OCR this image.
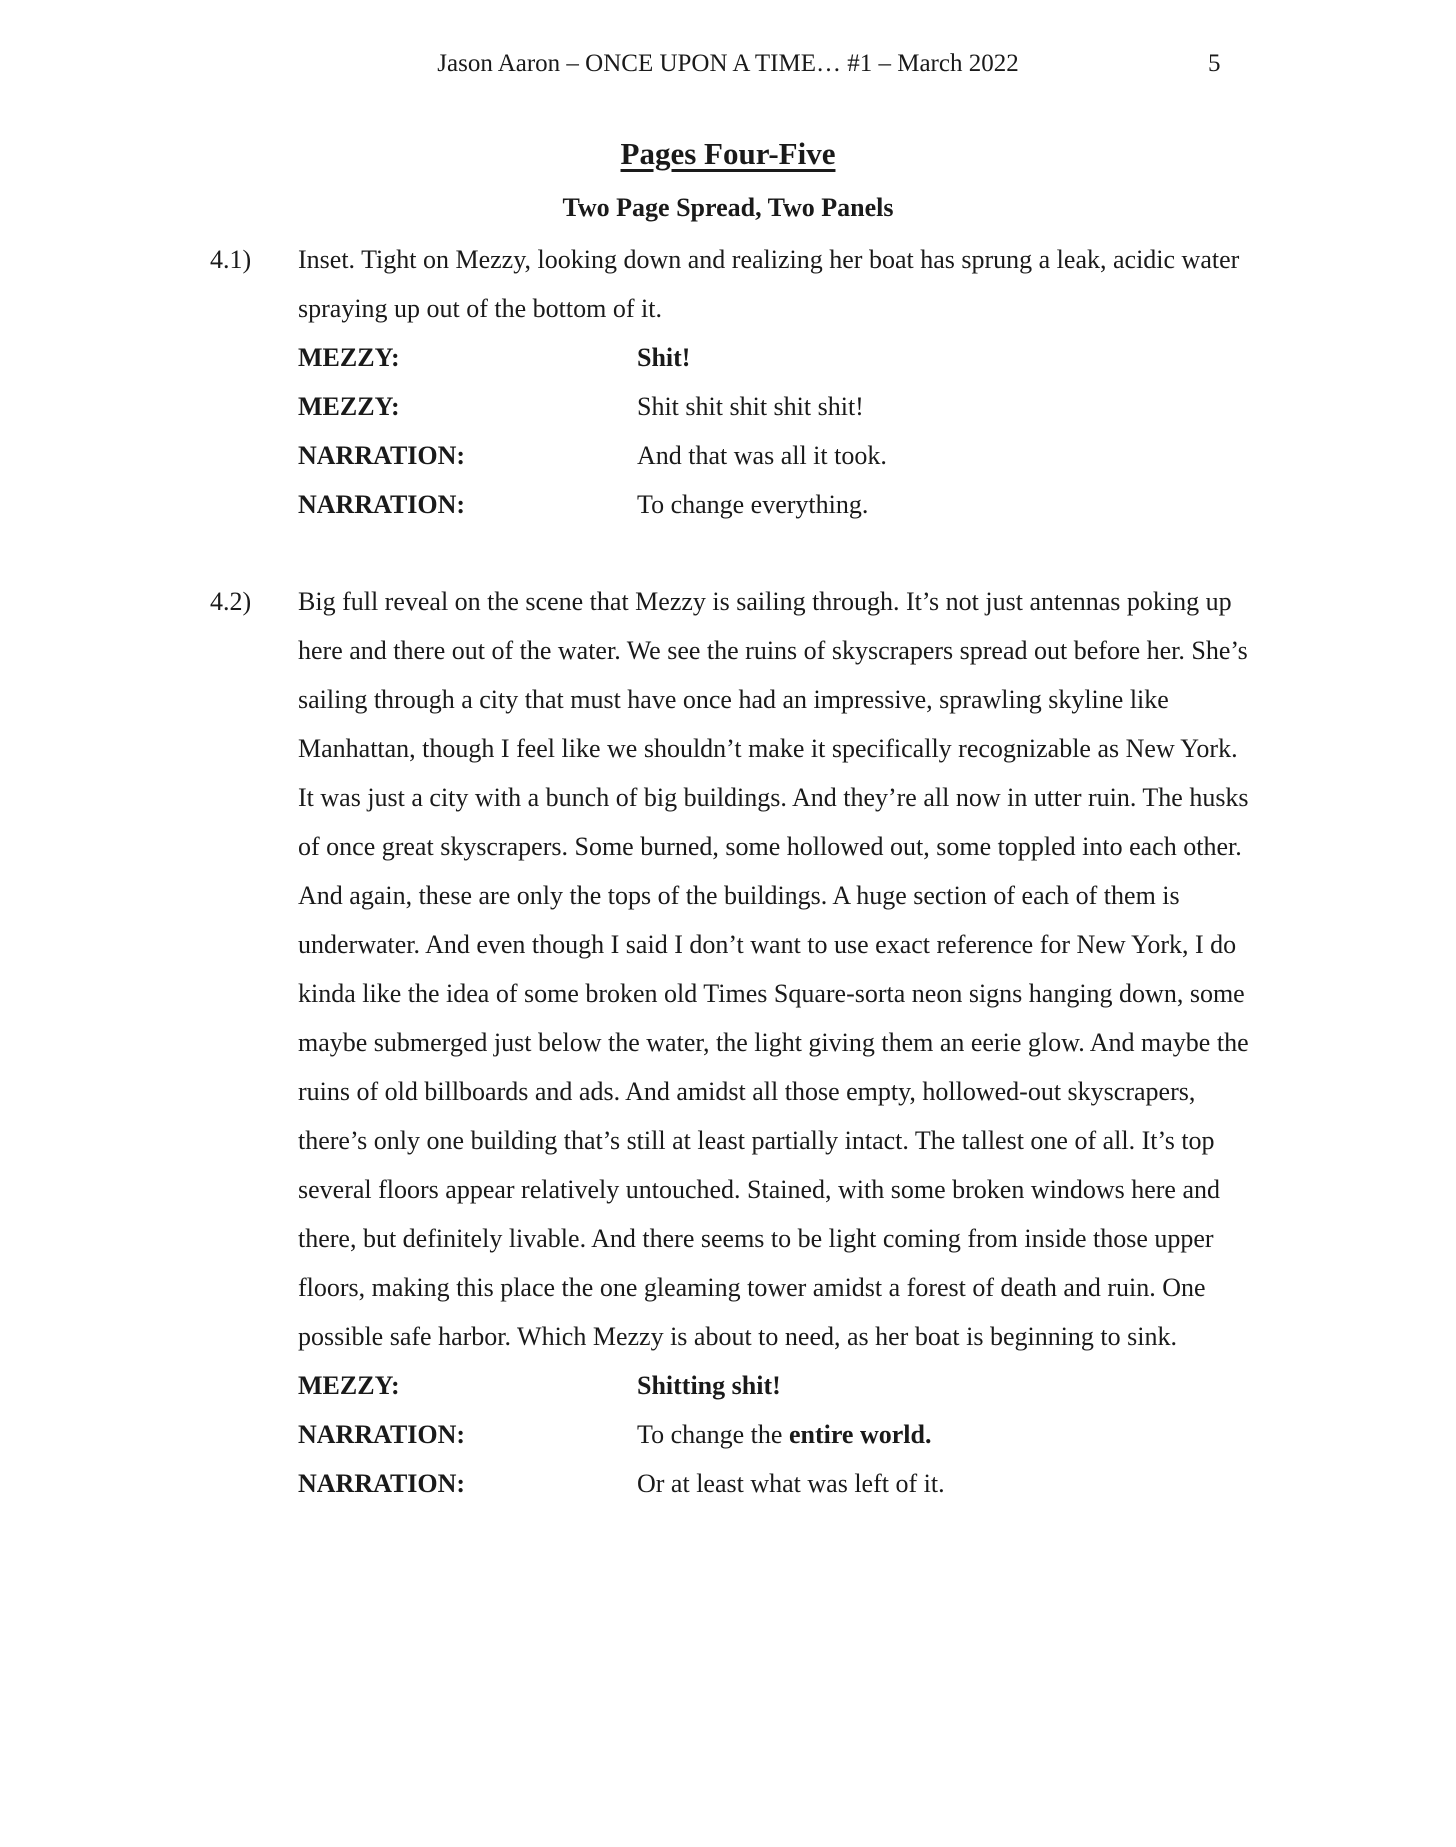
Jason Aaron – ONCE UPON A TIME… #1 – March 2022	5
Pages Four-Five
Two Page Spread, Two Panels
4.1) Inset. Tight on Mezzy, looking down and realizing her boat has sprung a leak, acidic water spraying up out of the bottom of it.

MEZZY:	Shit!
MEZZY:	Shit shit shit shit shit!
NARRATION:	And that was all it took.
NARRATION:	To change everything.
4.2) Big full reveal on the scene that Mezzy is sailing through. It’s not just antennas poking up here and there out of the water. We see the ruins of skyscrapers spread out before her. She’s sailing through a city that must have once had an impressive, sprawling skyline like Manhattan, though I feel like we shouldn’t make it specifically recognizable as New York. It was just a city with a bunch of big buildings. And they’re all now in utter ruin. The husks of once great skyscrapers. Some burned, some hollowed out, some toppled into each other. And again, these are only the tops of the buildings. A huge section of each of them is underwater. And even though I said I don’t want to use exact reference for New York, I do kinda like the idea of some broken old Times Square-sorta neon signs hanging down, some maybe submerged just below the water, the light giving them an eerie glow. And maybe the ruins of old billboards and ads. And amidst all those empty, hollowed-out skyscrapers, there’s only one building that’s still at least partially intact. The tallest one of all. It’s top several floors appear relatively untouched. Stained, with some broken windows here and there, but definitely livable. And there seems to be light coming from inside those upper floors, making this place the one gleaming tower amidst a forest of death and ruin. One possible safe harbor. Which Mezzy is about to need, as her boat is beginning to sink.

MEZZY:	Shitting shit!
NARRATION:	To change the entire world.
NARRATION:	Or at least what was left of it.
